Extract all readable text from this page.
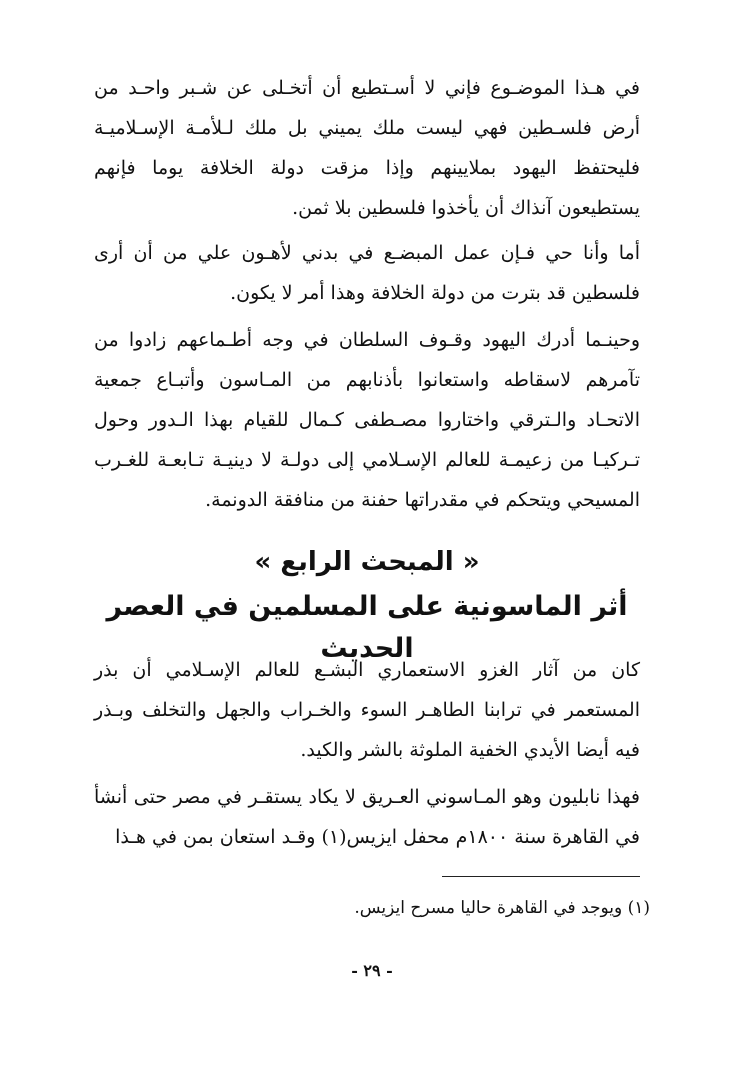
في هـذا الموضـوع فإني لا أسـتطيع أن أتخـلى عن شـبر واحـد من أرض فلسـطين فهي ليست ملك يميني بل ملك لـلأمـة الإسـلاميـة فليحتفظ اليهود بملايينهم وإذا مزقت دولة الخلافة يوما فإنهم يستطيعون آنذاك أن يأخذوا فلسطين بلا ثمن.

أما وأنا حي فـإن عمل المبضـع في بدني لأهـون علي من أن أرى فلسطين قد بترت من دولة الخلافة وهذا أمر لا يكون.

وحينـما أدرك اليهود وقـوف السلطان في وجه أطـماعهم زادوا من تآمرهم لاسقاطه واستعانوا بأذنابهم من المـاسون وأتبـاع جمعية الاتحـاد والـترقي واختاروا مصـطفى كـمال للقيام بهذا الـدور وحول تـركيـا من زعيمـة للعالم الإسـلامي إلى دولـة لا دينيـة تـابعـة للغـرب المسيحي ويتحكم في مقدراتها حفنة من منافقة الدونمة.

« المبحث الرابع »
أثر الماسونية على المسلمين في العصر الحديث

كان من آثار الغزو الاستعماري البشـع للعالم الإسـلامي أن بذر المستعمر في ترابنا الطاهـر السوء والخـراب والجهل والتخلف وبـذر فيه أيضا الأيدي الخفية الملوثة بالشر والكيد.

فهذا نابليون وهو المـاسوني العـريق لا يكاد يستقـر في مصر حتى أنشأ في القاهرة سنة ١٨٠٠م محفل ايزيس(١) وقـد استعان بمن في هـذا

(١) ويوجد في القاهرة حاليا مسرح ايزيس.

- ٢٩ -
